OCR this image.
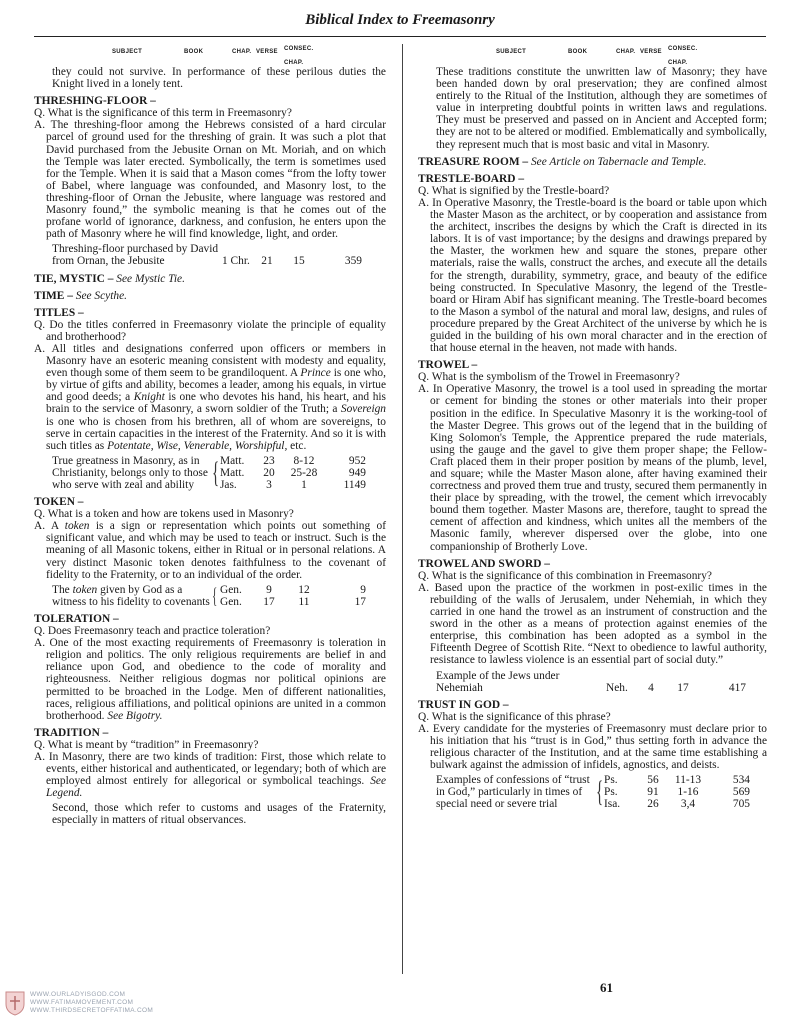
Biblical Index to Freemasonry
SUBJECT	BOOK	CHAP. VERSE	CONSEC.

CHAP.

they could not survive. In performance of these perilous duties the Knight lived in a lonely tent.

THRESHING-FLOOR –

Q. What is the significance of this term in Freemasonry?

A. The threshing-floor among the Hebrews consisted of a hard circular parcel of ground used for the threshing of grain. It was such a plot that David purchased from the Jebusite Ornan on Mt. Moriah, and on which the Temple was later erected. Symbolically, the term is sometimes used for the Temple. When it is said that a Mason comes “from the lofty tower of Babel, where language was confounded, and Masonry lost, to the threshing-floor of Ornan the Jebusite, where language was restored and Masonry found,” the symbolic meaning is that he comes out of the profane world of ignorance, darkness, and confusion, he enters upon the path of Masonry where he will find knowledge, light, and order.

Threshing-floor purchased by David from Ornan, the Jebusite	1 Chr.	21	15	359

TIE, MYSTIC – See Mystic Tie.

TIME – See Scythe.

TITLES –

Q. Do the titles conferred in Freemasonry violate the principle of equality and brotherhood?

A. All titles and designations conferred upon officers or members in Masonry have an esoteric meaning consistent with modesty and equality, even though some of them seem to be grandiloquent. A Prince is one who, by virtue of gifts and ability, becomes a leader, among his equals, in virtue and good deeds; a Knight is one who devotes his hand, his heart, and his brain to the service of Masonry, a sworn soldier of the Truth; a Sovereign is one who is chosen from his brethren, all of whom are sovereigns, to serve in certain capacities in the interest of the Fraternity. And so it is with such titles as Potentate, Wise, Venerable, Worshipful, etc.

True greatness in Masonry, as in Christianity, belongs only to those who serve with zeal and ability { Matt.	23	8-12	952
Matt.	20	25-28	949
Jas.	3	1	1149

TOKEN –

Q. What is a token and how are tokens used in Masonry?

A. A token is a sign or representation which points out something of significant value, and which may be used to teach or instruct. Such is the meaning of all Masonic tokens, either in Ritual or in personal relations. A very distinct Masonic token denotes faithfulness to the covenant of fidelity to the Fraternity, or to an individual of the order.

The token given by God as a witness to his fidelity to covenants { Gen.	9	12	9
Gen.	17	11	17

TOLERATION –

Q. Does Freemasonry teach and practice toleration?

A. One of the most exacting requirements of Freemasonry is toleration in religion and politics. The only religious requirements are belief in and reliance upon God, and obedience to the code of morality and righteousness. Neither religious dogmas nor political opinions are permitted to be broached in the Lodge. Men of different nationalities, races, religious affiliations, and political opinions are united in a common brotherhood. See Bigotry.

TRADITION –

Q. What is meant by “tradition” in Freemasonry?

A. In Masonry, there are two kinds of tradition: First, those which relate to events, either historical and authenticated, or legendary; both of which are employed almost entirely for allegorical or symbolical teachings. See Legend.

Second, those which refer to customs and usages of the Fraternity, especially in matters of ritual observances.

SUBJECT	BOOK	CHAP. VERSE	CONSEC.

CHAP.

These traditions constitute the unwritten law of Masonry; they have been handed down by oral preservation; they are confined almost entirely to the Ritual of the Institution, although they are sometimes of value in interpreting doubtful points in written laws and regulations. They must be preserved and passed on in Ancient and Accepted form; they are not to be altered or modified. Emblematically and symbolically, they represent much that is most basic and vital in Masonry.

TREASURE ROOM – See Article on Tabernacle and Temple.

TRESTLE-BOARD –

Q. What is signified by the Trestle-board?

A. In Operative Masonry, the Trestle-board is the board or table upon which the Master Mason as the architect, or by cooperation and assistance from the architect, inscribes the designs by which the Craft is directed in its labors. It is of vast importance; by the designs and drawings prepared by the Master, the workmen hew and square the stones, prepare other materials, raise the walls, construct the arches, and execute all the details for the strength, durability, symmetry, grace, and beauty of the edifice being constructed. In Speculative Masonry, the legend of the Trestle-board or Hiram Abif has significant meaning. The Trestle-board becomes to the Mason a symbol of the natural and moral law, designs, and rules of procedure prepared by the Great Architect of the universe by which he is guided in the building of his own moral character and in the erection of that house eternal in the heaven, not made with hands.

TROWEL –

Q. What is the symbolism of the Trowel in Freemasonry?

A. In Operative Masonry, the trowel is a tool used in spreading the mortar or cement for binding the stones or other materials into their proper position in the edifice. In Speculative Masonry it is the working-tool of the Master Degree. This grows out of the legend that in the building of King Solomon's Temple, the Apprentice prepared the rude materials, using the gauge and the gavel to give them proper shape; the Fellow-Craft placed them in their proper position by means of the plumb, level, and square; while the Master Mason alone, after having examined their correctness and proved them true and trusty, secured them permanently in their place by spreading, with the trowel, the cement which irrevocably bound them together. Master Masons are, therefore, taught to spread the cement of affection and kindness, which unites all the members of the Masonic family, wherever dispersed over the globe, into one companionship of Brotherly Love.

TROWEL AND SWORD –

Q. What is the significance of this combination in Freemasonry?

A. Based upon the practice of the workmen in post-exilic times in the rebuilding of the walls of Jerusalem, under Nehemiah, in which they carried in one hand the trowel as an instrument of construction and the sword in the other as a means of protection against enemies of the enterprise, this combination has been adopted as a symbol in the Fifteenth Degree of Scottish Rite. “Next to obedience to lawful authority, resistance to lawless violence is an essential part of social duty.”

Example of the Jews under Nehemiah	Neh.	4	17	417

TRUST IN GOD –

Q. What is the significance of this phrase?

A. Every candidate for the mysteries of Freemasonry must declare prior to his initiation that his “trust is in God,” thus setting forth in advance the religious character of the Institution, and at the same time establishing a bulwark against the admission of infidels, agnostics, and deists.

Examples of confessions of “trust in God,” particularly in times of special need or severe trial	{ Ps.	56	11-13	534
Ps.	91	1-16	569
Isa.	26	3,4	705
61
WWW.OURLADYISGOD.COM
WWW.FATIMAMOVEMENT.COM
WWW.THIRDSECRETOFFATIMA.COM
